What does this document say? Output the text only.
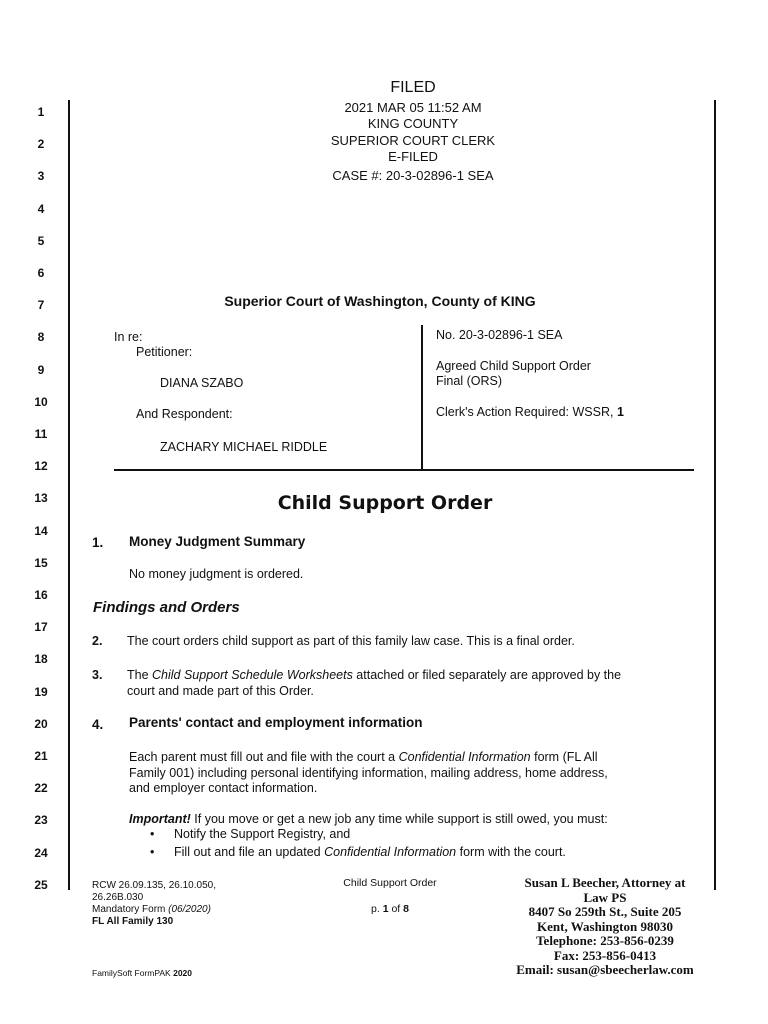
1
2
3
4
5
6
7
8
9
10
11
12
13
14
15
16
17
18
19
20
21
22
23
24
25
FILED
2021 MAR 05 11:52 AM
KING COUNTY
SUPERIOR COURT CLERK
E-FILED
CASE #: 20-3-02896-1 SEA
Superior Court of Washington, County of KING
In re:
Petitioner:
DIANA SZABO
And Respondent:
ZACHARY MICHAEL RIDDLE
No. 20-3-02896-1 SEA
Agreed Child Support Order
Final (ORS)
Clerk's Action Required: WSSR, 1
Child Support Order
1. Money Judgment Summary
No money judgment is ordered.
Findings and Orders
2. The court orders child support as part of this family law case. This is a final order.
3. The Child Support Schedule Worksheets attached or filed separately are approved by the
court and made part of this Order.
4. Parents' contact and employment information
Each parent must fill out and file with the court a Confidential Information form (FL All
Family 001) including personal identifying information, mailing address, home address,
and employer contact information.
Important! If you move or get a new job any time while support is still owed, you must:
• Notify the Support Registry, and
• Fill out and file an updated Confidential Information form with the court.
RCW 26.09.135, 26.10.050,
26.26B.030
Mandatory Form (06/2020)
FL All Family 130
Child Support Order
p. 1 of 8
Susan L Beecher, Attorney at
Law PS
8407 So 259th St., Suite 205
Kent, Washington 98030
Telephone: 253-856-0239
Fax: 253-856-0413
Email: susan@sbeecherlaw.com
FamilySoft FormPAK 2020
